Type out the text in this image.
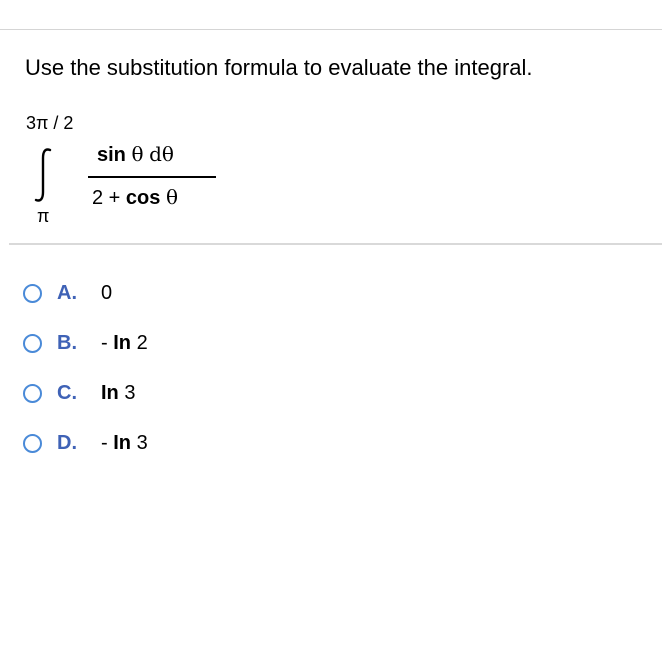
Use the substitution formula to evaluate the integral.
3π / 2
sin θ dθ
2 + cos θ
π
A.	0
B.	- In 2
C.	In 3
D.	- In 3
